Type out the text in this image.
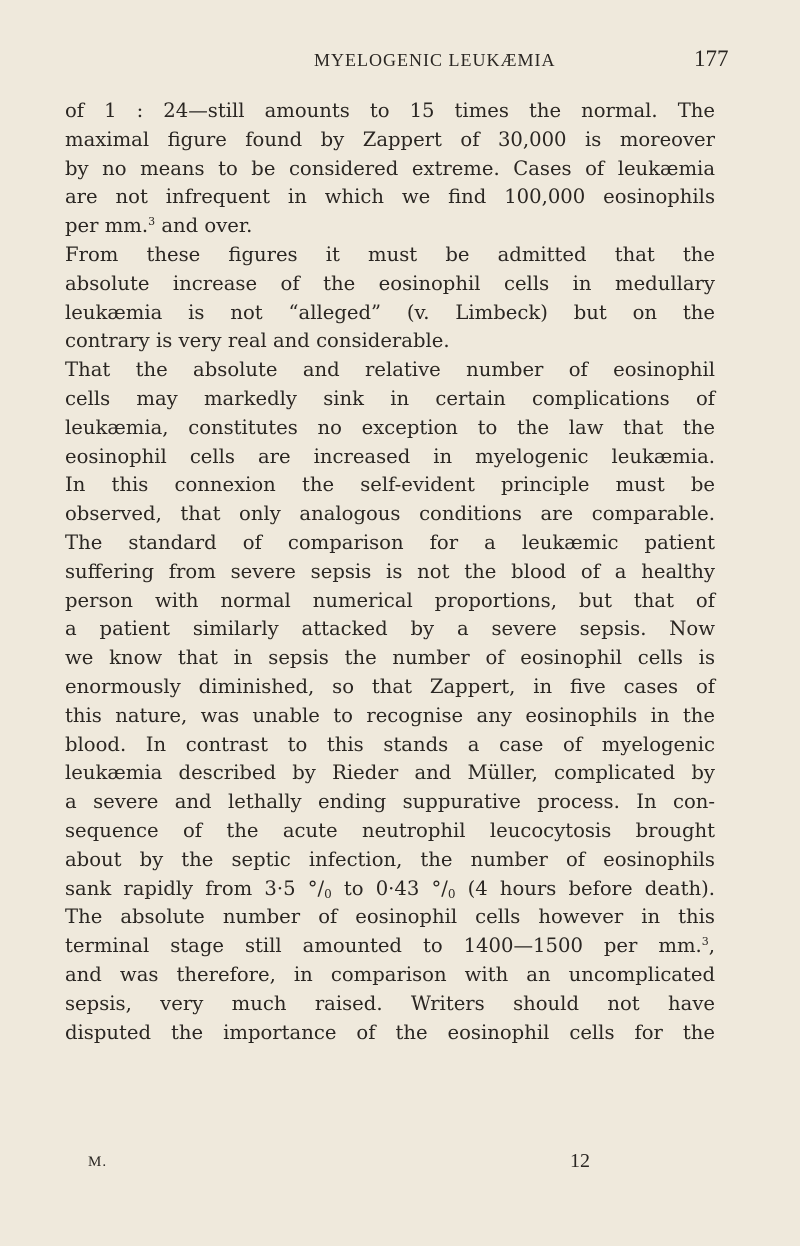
MYELOGENIC LEUKÆMIA	177
of 1 : 24—still amounts to 15 times the normal. The
maximal figure found by Zappert of 30,000 is moreover
by no means to be considered extreme. Cases of leukæmia
are not infrequent in which we find 100,000 eosinophils
per mm.$^3$ and over.
From these figures it must be admitted that the
absolute increase of the eosinophil cells in medullary
leukæmia is not “alleged” (v. Limbeck) but on the
contrary is very real and considerable.
That the absolute and relative number of eosinophil
cells may markedly sink in certain complications of
leukæmia, constitutes no exception to the law that the
eosinophil cells are increased in myelogenic leukæmia.
In this connexion the self-evident principle must be
observed, that only analogous conditions are comparable.
The standard of comparison for a leukæmic patient
suffering from severe sepsis is not the blood of a healthy
person with normal numerical proportions, but that of
a patient similarly attacked by a severe sepsis. Now
we know that in sepsis the number of eosinophil cells is
enormously diminished, so that Zappert, in five cases of
this nature, was unable to recognise any eosinophils in the
blood. In contrast to this stands a case of myelogenic
leukæmia described by Rieder and Müller, complicated by
a severe and lethally ending suppurative process. In con-
sequence of the acute neutrophil leucocytosis brought
about by the septic infection, the number of eosinophils
sank rapidly from 3·5 $^\circ/_0$ to 0·43 $^\circ/_0$ (4 hours before death).
The absolute number of eosinophil cells however in this
terminal stage still amounted to 1400—1500 per mm.$^3$,
and was therefore, in comparison with an uncomplicated
sepsis, very much raised. Writers should not have
disputed the importance of the eosinophil cells for the
M.	12
